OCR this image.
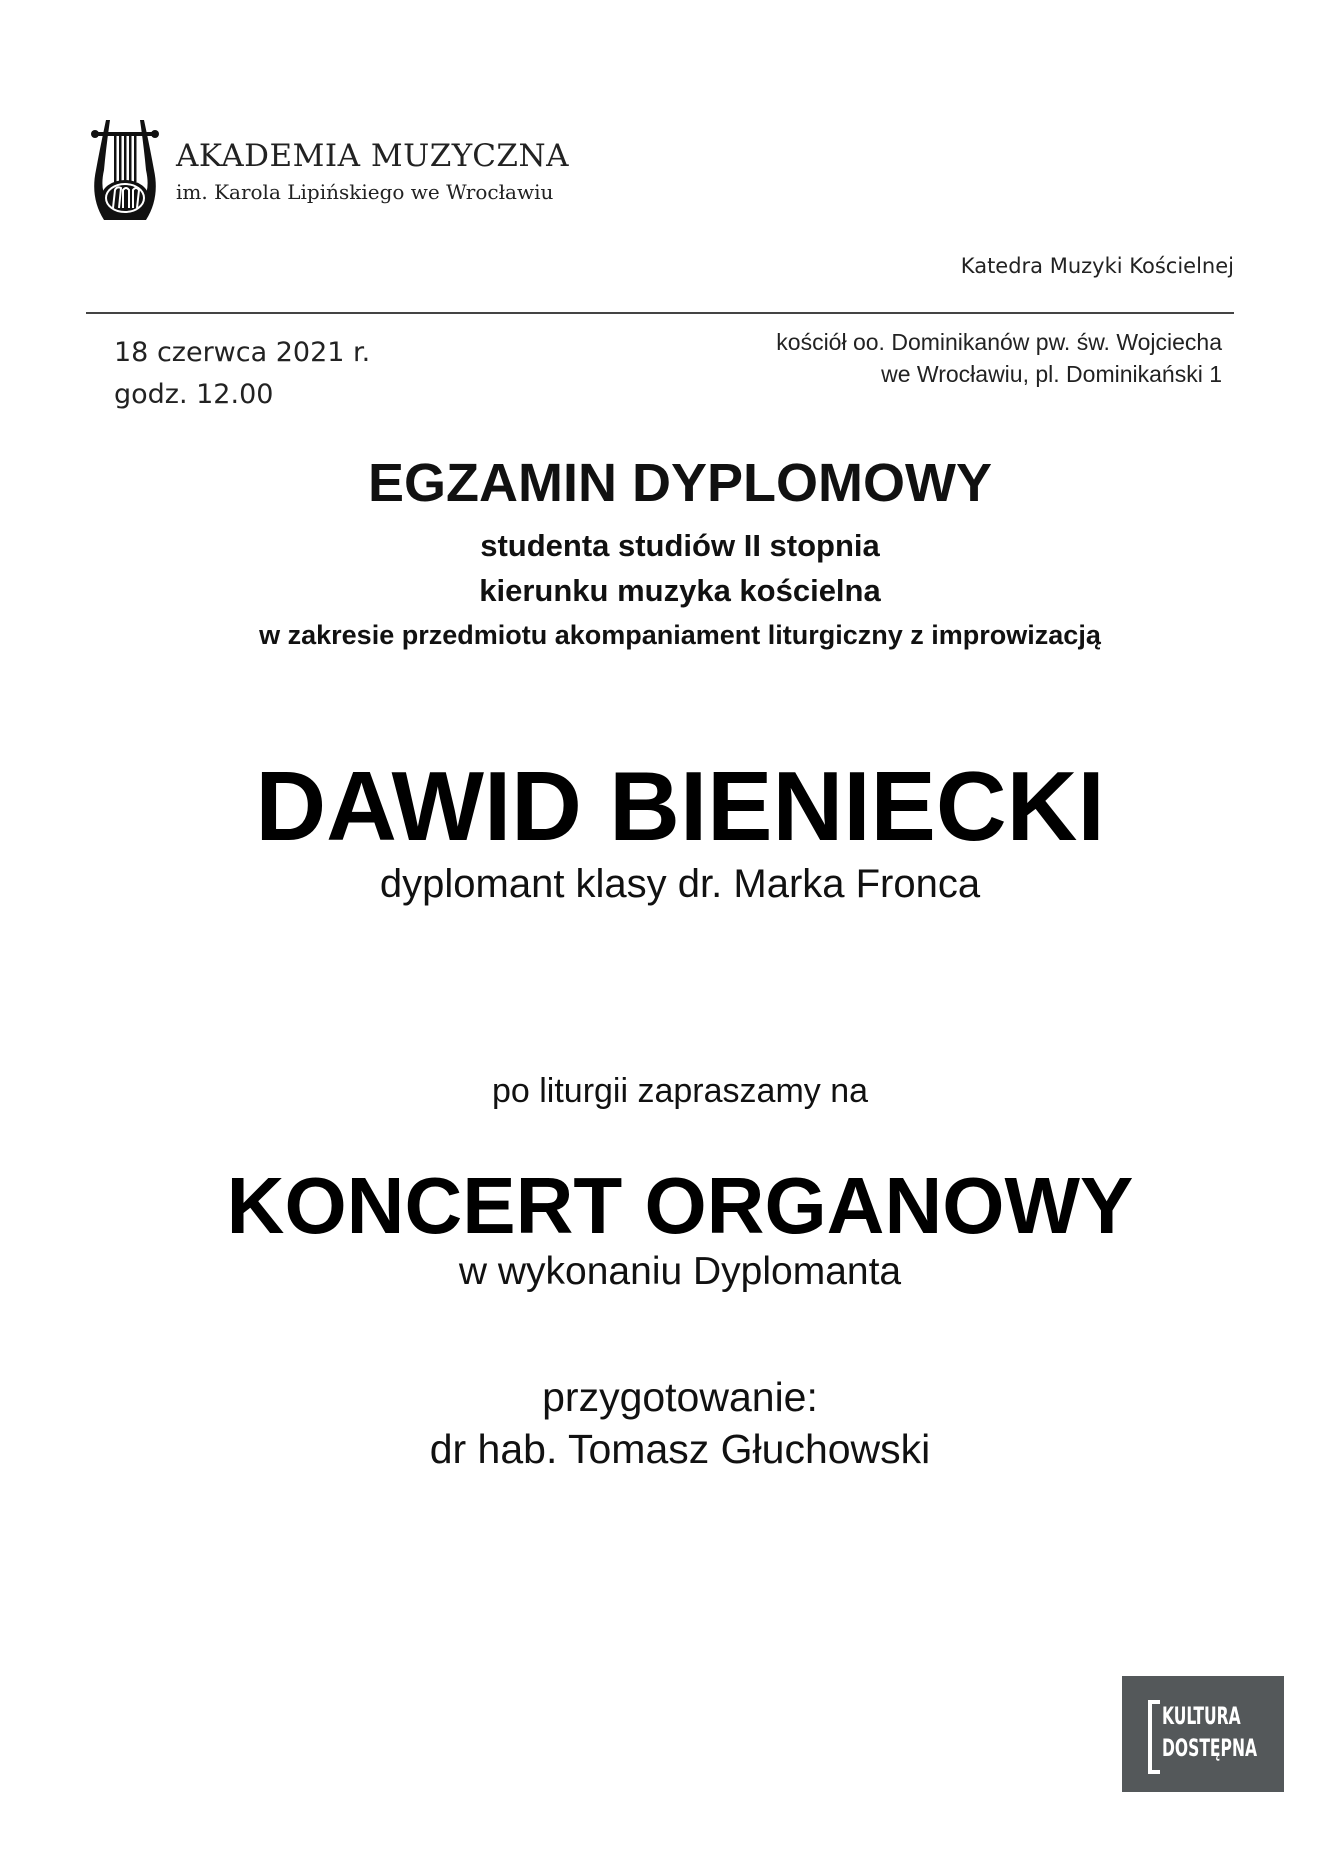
AKADEMIA MUZYCZNA
im. Karola Lipińskiego we Wrocławiu
Katedra Muzyki Kościelnej
18 czerwca 2021 r.
godz. 12.00
kościół oo. Dominikanów pw. św. Wojciecha
we Wrocławiu, pl. Dominikański 1
EGZAMIN DYPLOMOWY
studenta studiów II stopnia
kierunku muzyka kościelna
w zakresie przedmiotu akompaniament liturgiczny z improwizacją
DAWID BIENIECKI
dyplomant klasy dr. Marka Fronca
po liturgii zapraszamy na
KONCERT ORGANOWY
w wykonaniu Dyplomanta
przygotowanie:
dr hab. Tomasz Głuchowski
KULTURA
DOSTĘPNA
